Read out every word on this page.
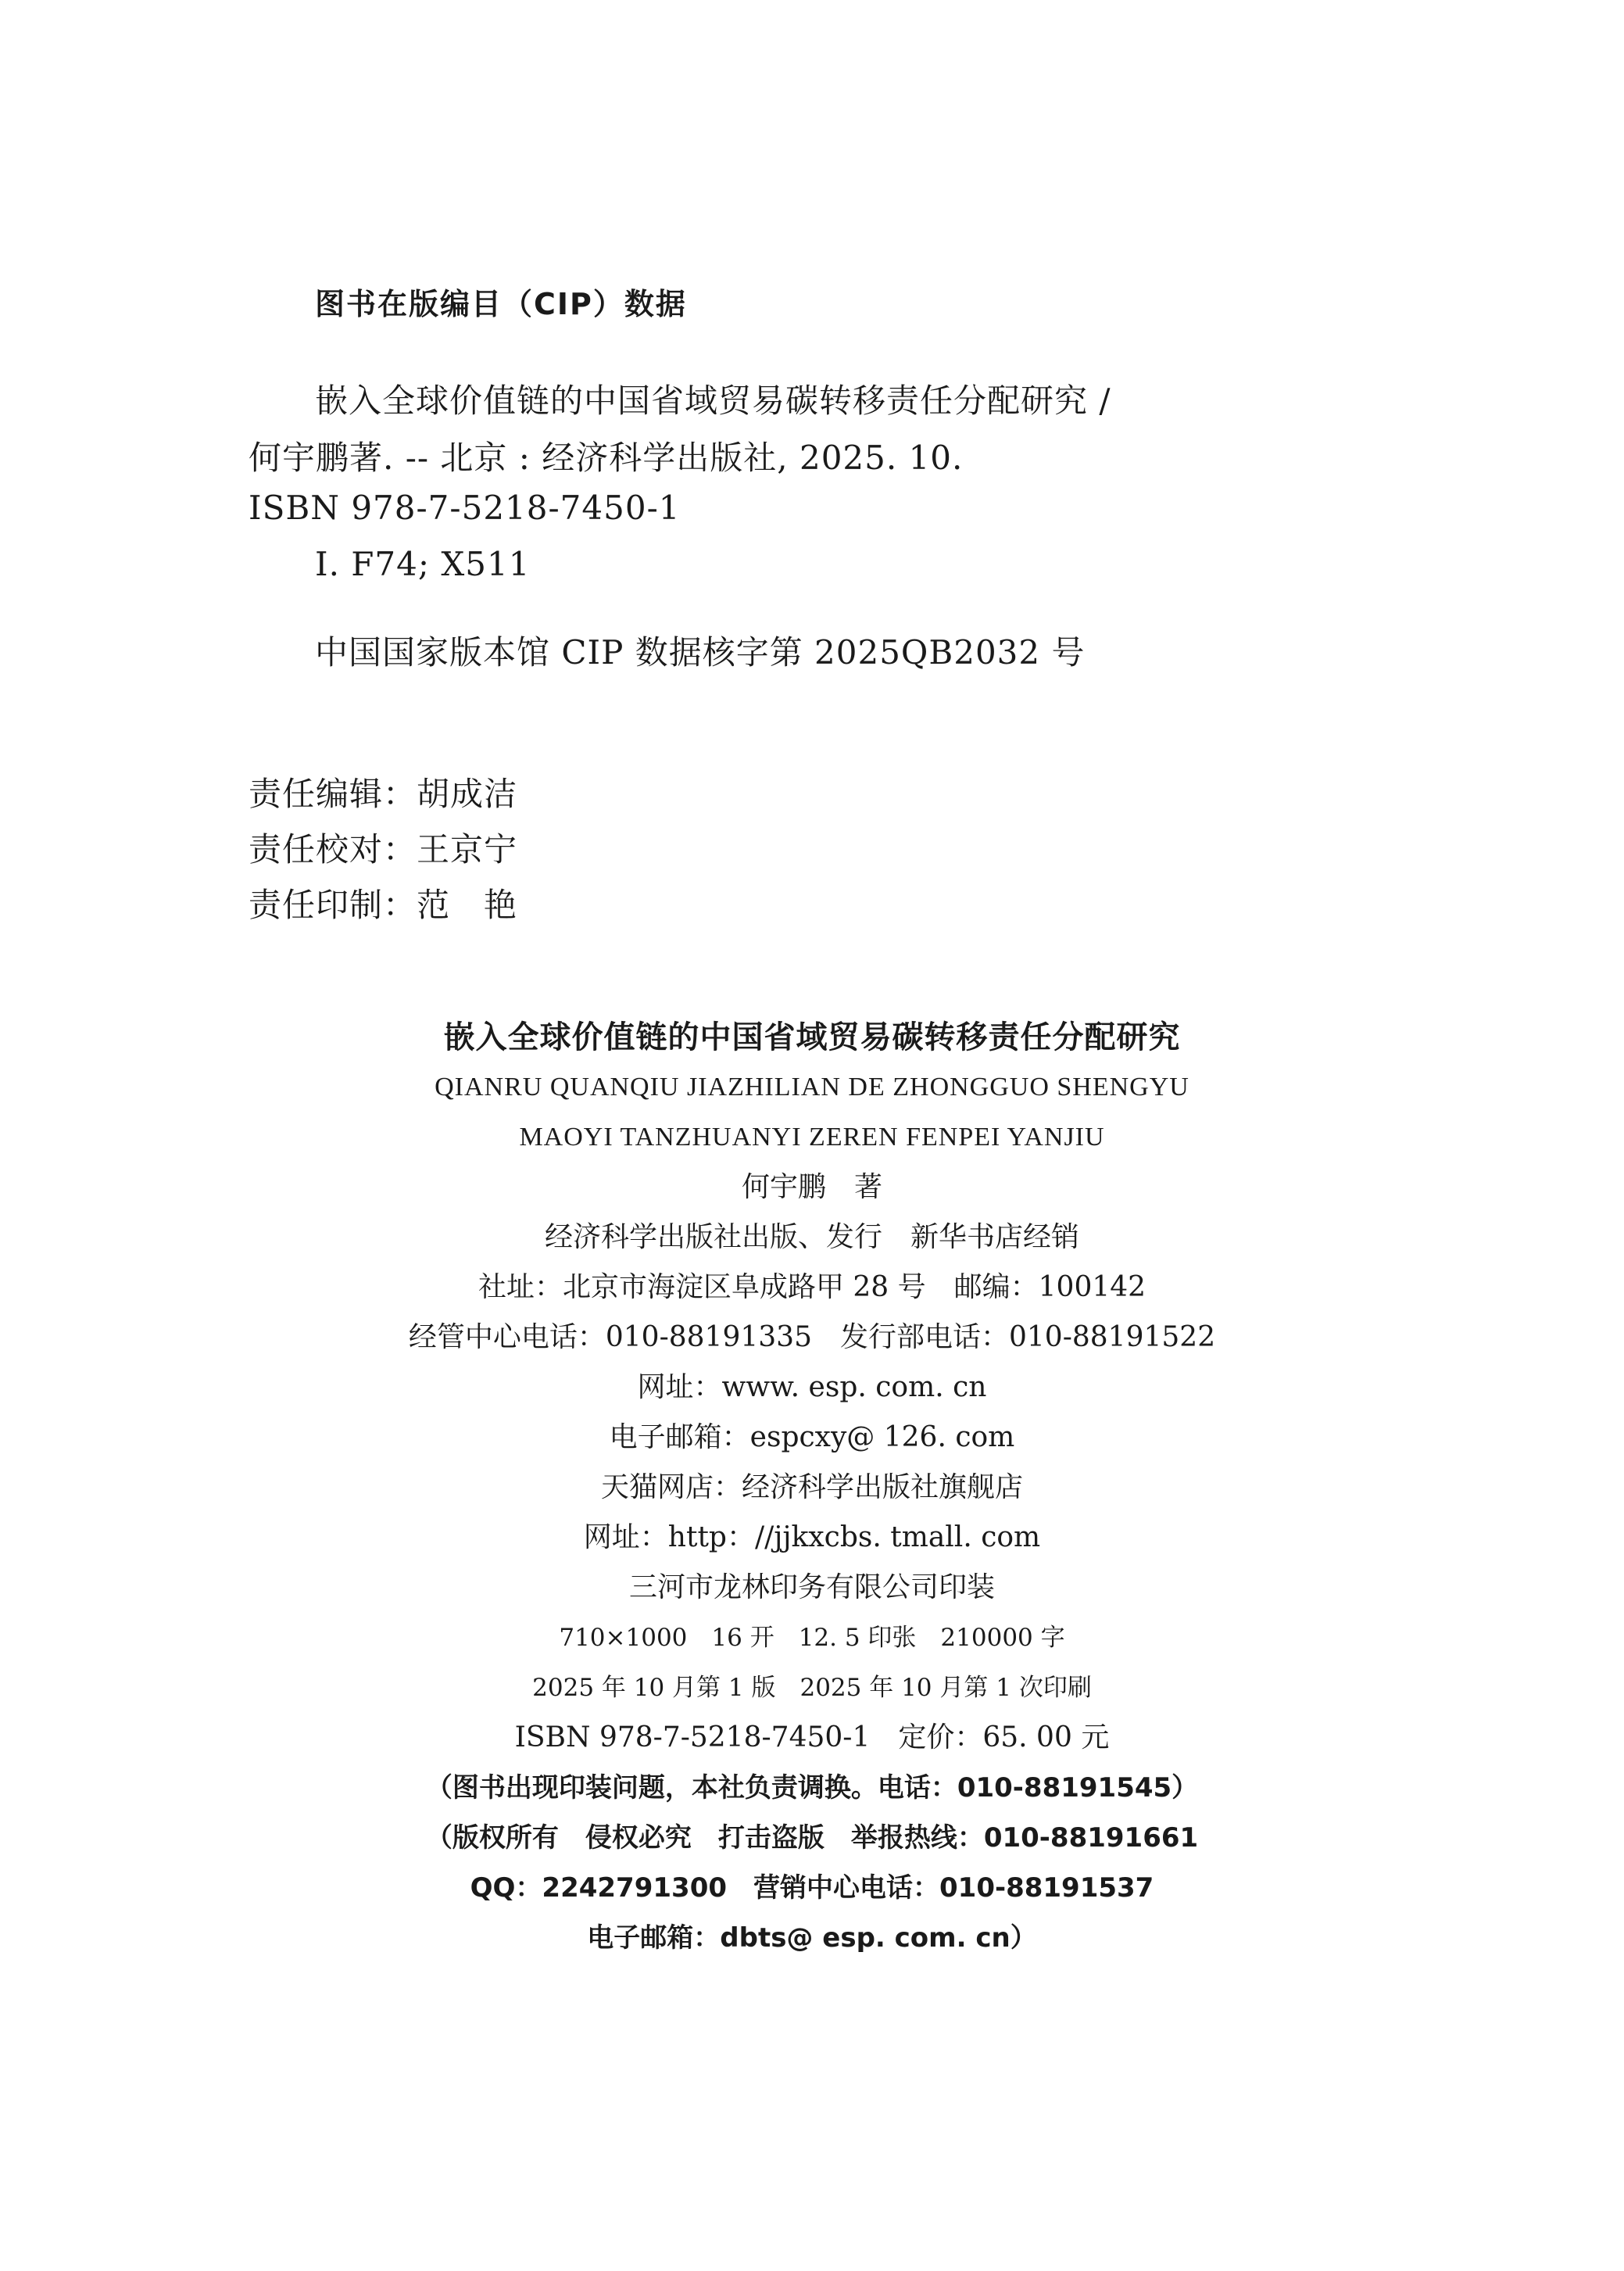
图书在版编目（CIP）数据
嵌入全球价值链的中国省域贸易碳转移责任分配研究 /
何宇鹏著. -- 北京 : 经济科学出版社, 2025. 10.
ISBN 978-7-5218-7450-1
Ⅰ. F74; X511
中国国家版本馆 CIP 数据核字第 2025QB2032 号
责任编辑：胡成洁
责任校对：王京宁
责任印制：范　艳
嵌入全球价值链的中国省域贸易碳转移责任分配研究
QIANRU QUANQIU JIAZHILIAN DE ZHONGGUO SHENGYU
MAOYI TANZHUANYI ZEREN FENPEI YANJIU
何宇鹏　著
经济科学出版社出版、发行　新华书店经销
社址：北京市海淀区阜成路甲 28 号　邮编：100142
经管中心电话：010-88191335　发行部电话：010-88191522
网址：www. esp. com. cn
电子邮箱：espcxy@ 126. com
天猫网店：经济科学出版社旗舰店
网址：http：//jjkxcbs. tmall. com
三河市龙林印务有限公司印装
710×1000　16 开　12. 5 印张　210000 字
2025 年 10 月第 1 版　2025 年 10 月第 1 次印刷
ISBN 978-7-5218-7450-1　定价：65. 00 元
（图书出现印装问题，本社负责调换。电话：010-88191545）
（版权所有　侵权必究　打击盗版　举报热线：010-88191661
QQ：2242791300　营销中心电话：010-88191537
电子邮箱：dbts@ esp. com. cn）
